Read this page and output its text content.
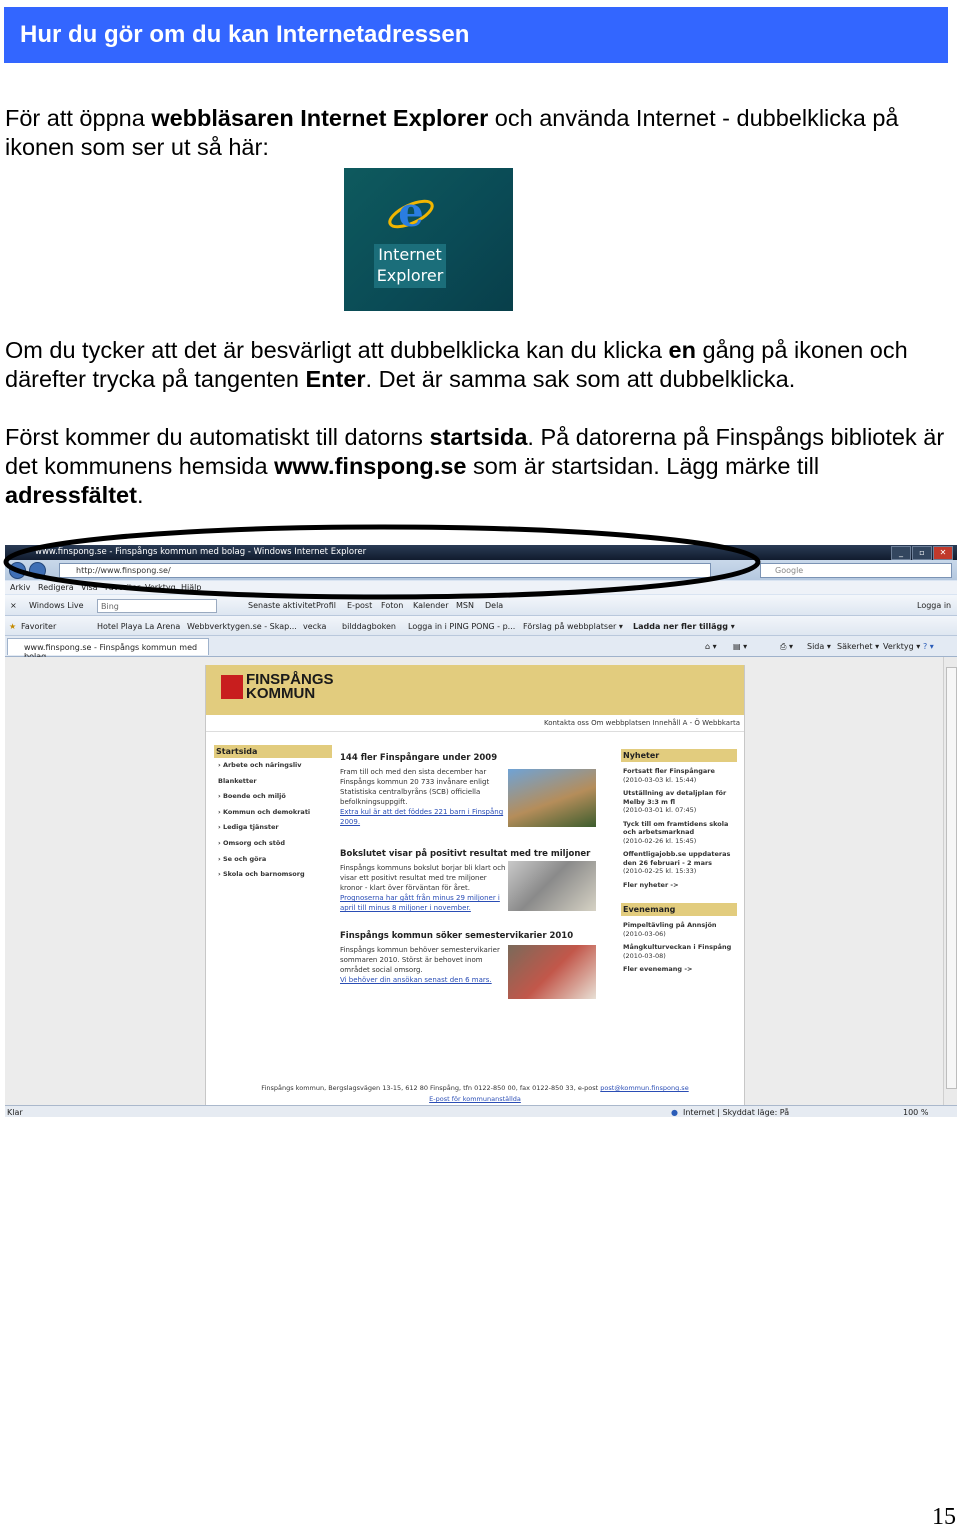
Hur du gör om du kan Internetadressen
För att öppna webbläsaren Internet Explorer och använda Internet - dubbelklicka på ikonen som ser ut så här:
e
Internet
Explorer
Om du tycker att det är besvärligt att dubbelklicka kan du klicka en gång på ikonen och därefter trycka på tangenten Enter. Det är samma sak som att dubbelklicka.
Först kommer du automatiskt till datorns startsida. På datorerna på Finspångs bibliotek är det kommunens hemsida www.finspong.se som är startsidan. Lägg märke till adressfältet.
www.finspong.se - Finspångs kommun med bolag - Windows Internet Explorer	_	▫	✕
http://www.finspong.se/	Google
Arkiv Redigera Visa Favoriter Verktyg Hjälp
× Windows Live Bing	Senaste aktivitet Profil E-post Foton Kalender MSN Dela	Logga in
★ Favoriter	Hotel Playa La Arena Webbverktygen.se - Skap... vecka bilddagboken Logga in i PING PONG - p... Förslag på webbplatser ▾ Ladda ner fler tillägg ▾
www.finspong.se - Finspångs kommun med	⌂ ▾ ▤ ▾	⎙ ▾ Sida ▾ Säkerhet ▾ Verktyg ▾ ? ▾
FINSPÅNGS
KOMMUN
Kontakta oss Om webbplatsen Innehåll A - Ö Webbkarta
Startsida
› Arbete och näringsliv
Blanketter
› Boende och miljö
› Kommun och demokrati
› Lediga tjänster
› Omsorg och stöd
› Se och göra
› Skola och barnomsorg
144 fler Finspångare under 2009
Fram till och med den sista december har Finspångs kommun 20 733 invånare enligt Statistiska centralbyråns (SCB) officiella befolkningsuppgift.
Extra kul är att det föddes 221 barn i Finspång 2009.
Bokslutet visar på positivt resultat med tre miljoner
Finspångs kommuns bokslut borjar bli klart och visar ett positivt resultat med tre miljoner kronor - klart över förväntan för året.
Prognoserna har gått från minus 29 miljoner i april till minus 8 miljoner i november.
Finspångs kommun söker semestervikarier 2010
Finspångs kommun behöver semestervikarier sommaren 2010. Störst är behovet inom området social omsorg.
Vi behöver din ansökan senast den 6 mars.
Nyheter
Fortsatt fler Finspångare
(2010-03-03 kl. 15:44)
Utställning av detaljplan för Melby 3:3 m fl
(2010-03-01 kl. 07:45)
Tyck till om framtidens skola och arbetsmarknad
(2010-02-26 kl. 15:45)
Offentligajobb.se uppdateras den 26 februari - 2 mars
(2010-02-25 kl. 15:33)
Fler nyheter ->
Evenemang
Pimpeltävling på Annsjön
(2010-03-06)
Mångkulturveckan i Finspång
(2010-03-08)
Fler evenemang ->
Finspångs kommun, Bergslagsvägen 13-15, 612 80 Finspång, tfn 0122-850 00, fax 0122-850 33, e-post post@kommun.finspong.se
E-post för kommunanställda
Klar	● Internet | Skyddat läge: På	100 %
15
